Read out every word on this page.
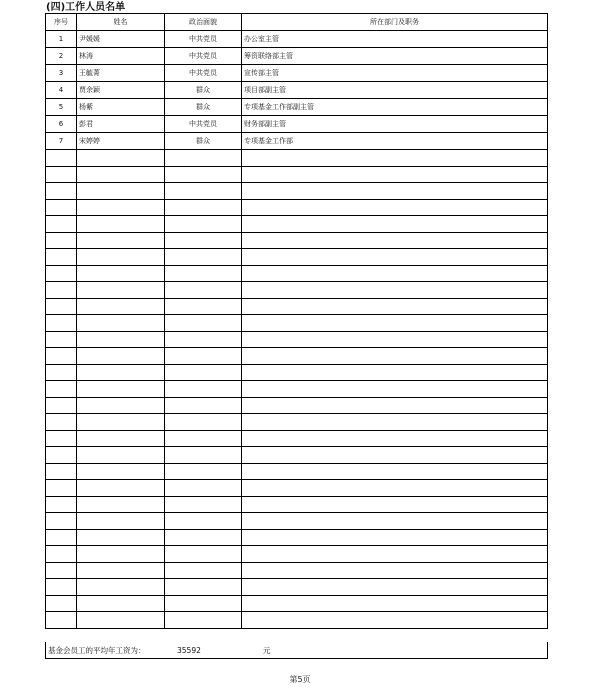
(四)工作人员名单
序号	姓名	政治面貌	所在部门及职务
1	尹媛媛	中共党员	办公室主管
2	林涛	中共党员	筹资联络部主管
3	王毓菁	中共党员	宣传部主管
4	贾余颖	群众	项目部副主管
5	杨紫	群众	专项基金工作部副主管
6	彭君	中共党员	财务部副主管
7	宋婷婷	群众	专项基金工作部

基金会员工的平均年工资为：	35592	元
第5页
